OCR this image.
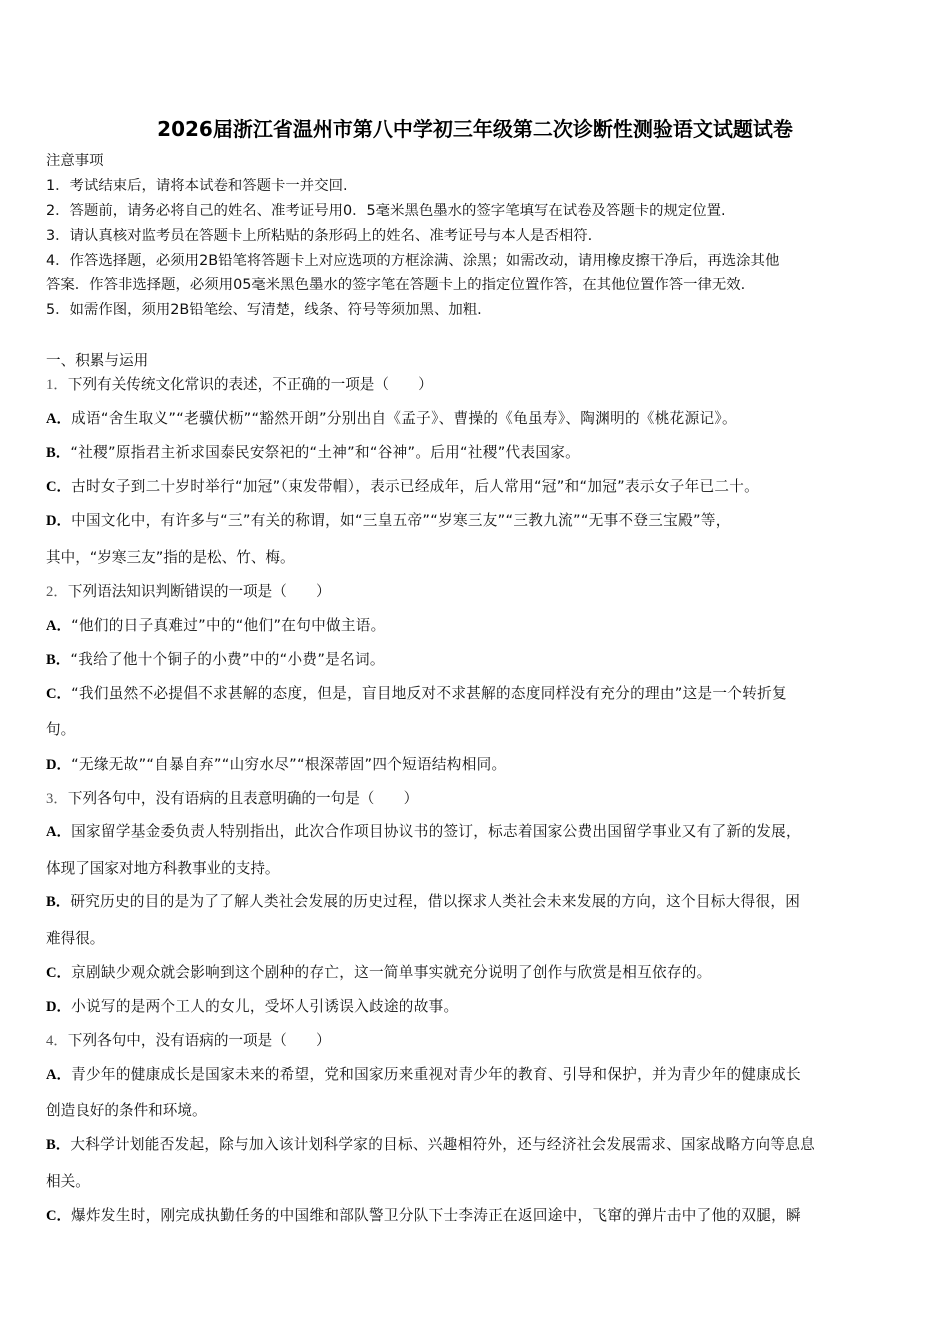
2026届浙江省温州市第八中学初三年级第二次诊断性测验语文试题试卷
注意事项
1．考试结束后，请将本试卷和答题卡一并交回.
2．答题前，请务必将自己的姓名、准考证号用0．5毫米黑色墨水的签字笔填写在试卷及答题卡的规定位置.
3．请认真核对监考员在答题卡上所粘贴的条形码上的姓名、准考证号与本人是否相符.
4．作答选择题，必须用2B铅笔将答题卡上对应选项的方框涂满、涂黑；如需改动，请用橡皮擦干净后，再选涂其他
答案．作答非选择题，必须用05毫米黑色墨水的签字笔在答题卡上的指定位置作答，在其他位置作答一律无效.
5．如需作图，须用2B铅笔绘、写清楚，线条、符号等须加黑、加粗.
一、积累与运用
1．下列有关传统文化常识的表述，不正确的一项是（　　）
A．成语“舍生取义”“老骥伏枥”“豁然开朗”分别出自《孟子》、曹操的《龟虽寿》、陶渊明的《桃花源记》。
B．“社稷”原指君主祈求国泰民安祭祀的“土神”和“谷神”。后用“社稷”代表国家。
C．古时女子到二十岁时举行“加冠”（束发带帽），表示已经成年，后人常用“冠”和“加冠”表示女子年已二十。
D．中国文化中，有许多与“三”有关的称谓，如“三皇五帝”“岁寒三友”“三教九流”“无事不登三宝殿”等，
其中，“岁寒三友”指的是松、竹、梅。
2．下列语法知识判断错误的一项是（　　）
A．“他们的日子真难过”中的“他们”在句中做主语。
B．“我给了他十个铜子的小费”中的“小费”是名词。
C．“我们虽然不必提倡不求甚解的态度，但是，盲目地反对不求甚解的态度同样没有充分的理由”这是一个转折复
句。
D．“无缘无故”“自暴自弃”“山穷水尽”“根深蒂固”四个短语结构相同。
3．下列各句中，没有语病的且表意明确的一句是（　　）
A．国家留学基金委负责人特别指出，此次合作项目协议书的签订，标志着国家公费出国留学事业又有了新的发展，
体现了国家对地方科教事业的支持。
B．研究历史的目的是为了了解人类社会发展的历史过程，借以探求人类社会未来发展的方向，这个目标大得很，困
难得很。
C．京剧缺少观众就会影响到这个剧种的存亡，这一简单事实就充分说明了创作与欣赏是相互依存的。
D．小说写的是两个工人的女儿，受坏人引诱误入歧途的故事。
4．下列各句中，没有语病的一项是（　　）
A．青少年的健康成长是国家未来的希望，党和国家历来重视对青少年的教育、引导和保护，并为青少年的健康成长
创造良好的条件和环境。
B．大科学计划能否发起，除与加入该计划科学家的目标、兴趣相符外，还与经济社会发展需求、国家战略方向等息息
相关。
C．爆炸发生时，刚完成执勤任务的中国维和部队警卫分队下士李涛正在返回途中，飞窜的弹片击中了他的双腿，瞬
